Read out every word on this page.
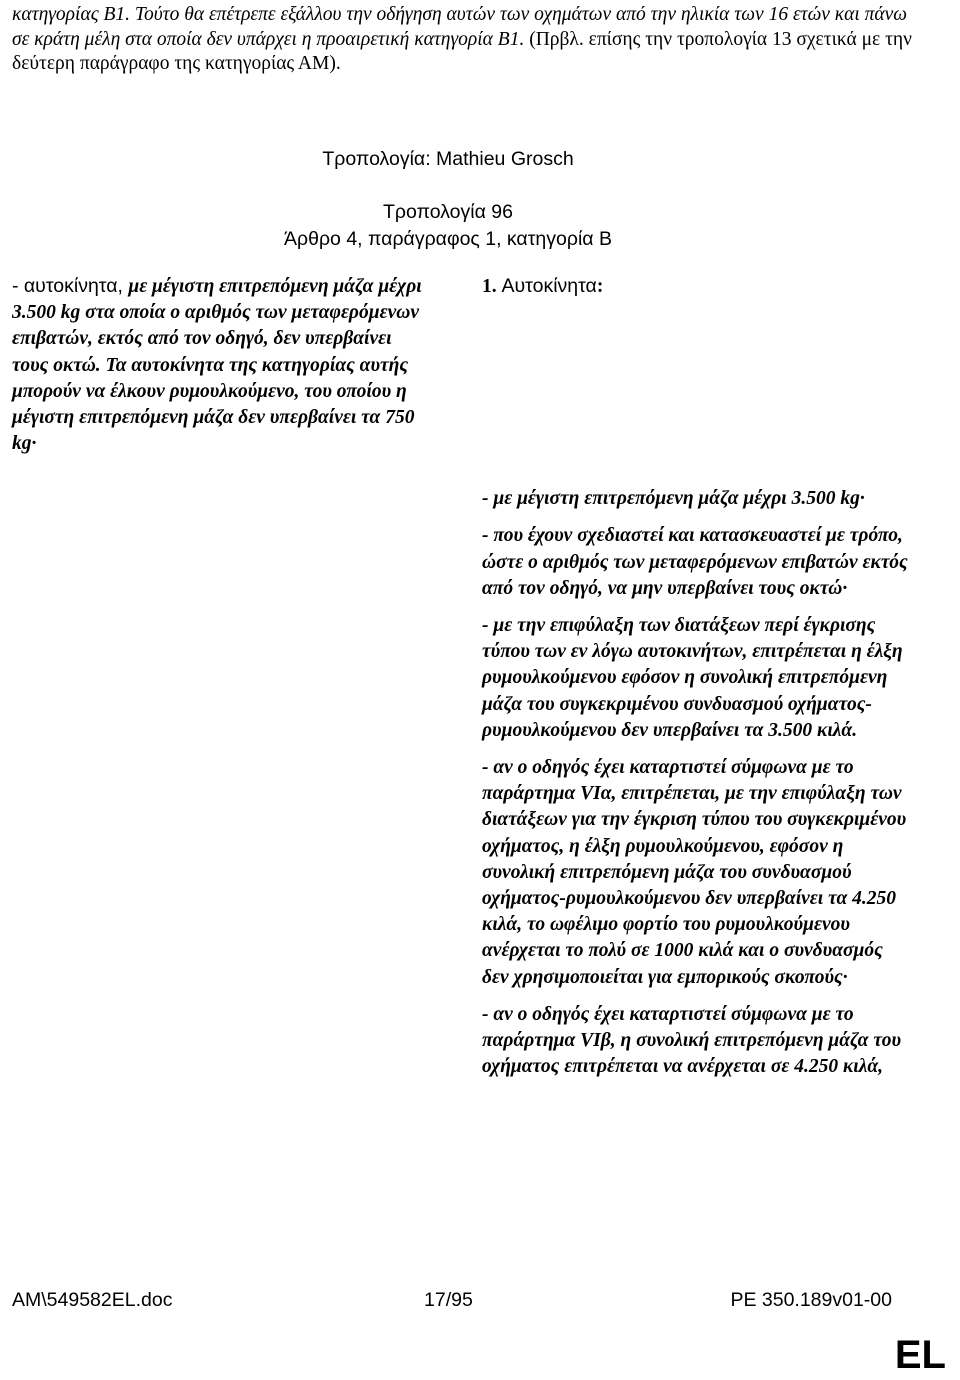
κατηγορίας Β1. Τούτο θα επέτρεπε εξάλλου την οδήγηση αυτών των οχημάτων από την ηλικία των 16 ετών και πάνω σε κράτη μέλη στα οποία δεν υπάρχει η προαιρετική κατηγορία Β1. (Πρβλ. επίσης την τροπολογία 13 σχετικά με την δεύτερη παράγραφο της κατηγορίας ΑΜ).
Τροπολογία: Mathieu Grosch
Τροπολογία 96
Άρθρο 4, παράγραφος 1, κατηγορία Β
- αυτοκίνητα, με μέγιστη επιτρεπόμενη μάζα μέχρι 3.500 kg στα οποία ο αριθμός των μεταφερόμενων επιβατών, εκτός από τον οδηγό, δεν υπερβαίνει τους οκτώ. Τα αυτοκίνητα της κατηγορίας αυτής μπορούν να έλκουν ρυμουλκούμενο, του οποίου η μέγιστη επιτρεπόμενη μάζα δεν υπερβαίνει τα 750 kg·
1. Αυτοκίνητα:

- με μέγιστη επιτρεπόμενη μάζα μέχρι 3.500 kg·

- που έχουν σχεδιαστεί και κατασκευαστεί με τρόπο, ώστε ο αριθμός των μεταφερόμενων επιβατών εκτός από τον οδηγό, να μην υπερβαίνει τους οκτώ·

- με την επιφύλαξη των διατάξεων περί έγκρισης τύπου των εν λόγω αυτοκινήτων, επιτρέπεται η έλξη ρυμουλκούμενου εφόσον η συνολική επιτρεπόμενη μάζα του συγκεκριμένου συνδυασμού οχήματος-ρυμουλκούμενου δεν υπερβαίνει τα 3.500 κιλά.

- αν ο οδηγός έχει καταρτιστεί σύμφωνα με το παράρτημα VIα, επιτρέπεται, με την επιφύλαξη των διατάξεων για την έγκριση τύπου του συγκεκριμένου οχήματος, η έλξη ρυμουλκούμενου, εφόσον η συνολική επιτρεπόμενη μάζα του συνδυασμού οχήματος-ρυμουλκούμενου δεν υπερβαίνει τα 4.250 κιλά, το ωφέλιμο φορτίο του ρυμουλκούμενου ανέρχεται το πολύ σε 1000 κιλά και ο συνδυασμός δεν χρησιμοποιείται για εμπορικούς σκοπούς·

- αν ο οδηγός έχει καταρτιστεί σύμφωνα με το παράρτημα VIβ, η συνολική επιτρεπόμενη μάζα του οχήματος επιτρέπεται να ανέρχεται σε 4.250 κιλά,

AM\549582EL.doc	17/95	PE 350.189v01-00
EL
